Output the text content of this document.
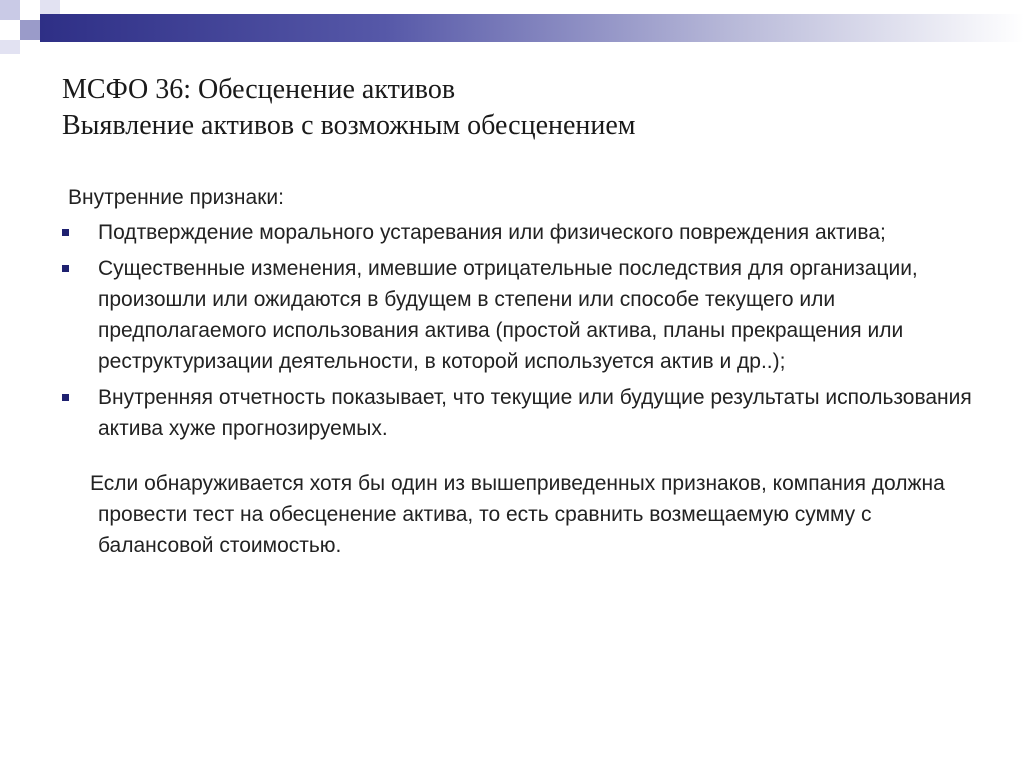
МСФО 36: Обесценение активов
Выявление активов с возможным обесценением
Внутренние признаки:
Подтверждение морального устаревания или физического повреждения актива;
Существенные изменения, имевшие отрицательные последствия для организации, произошли или ожидаются в будущем в степени или способе текущего или предполагаемого использования актива (простой актива, планы прекращения или реструктуризации деятельности, в которой используется актив и др..);
Внутренняя отчетность показывает, что текущие или будущие результаты использования актива хуже прогнозируемых.
Если обнаруживается хотя бы один из вышеприведенных признаков, компания должна провести тест на обесценение актива, то есть сравнить возмещаемую сумму с балансовой стоимостью.
